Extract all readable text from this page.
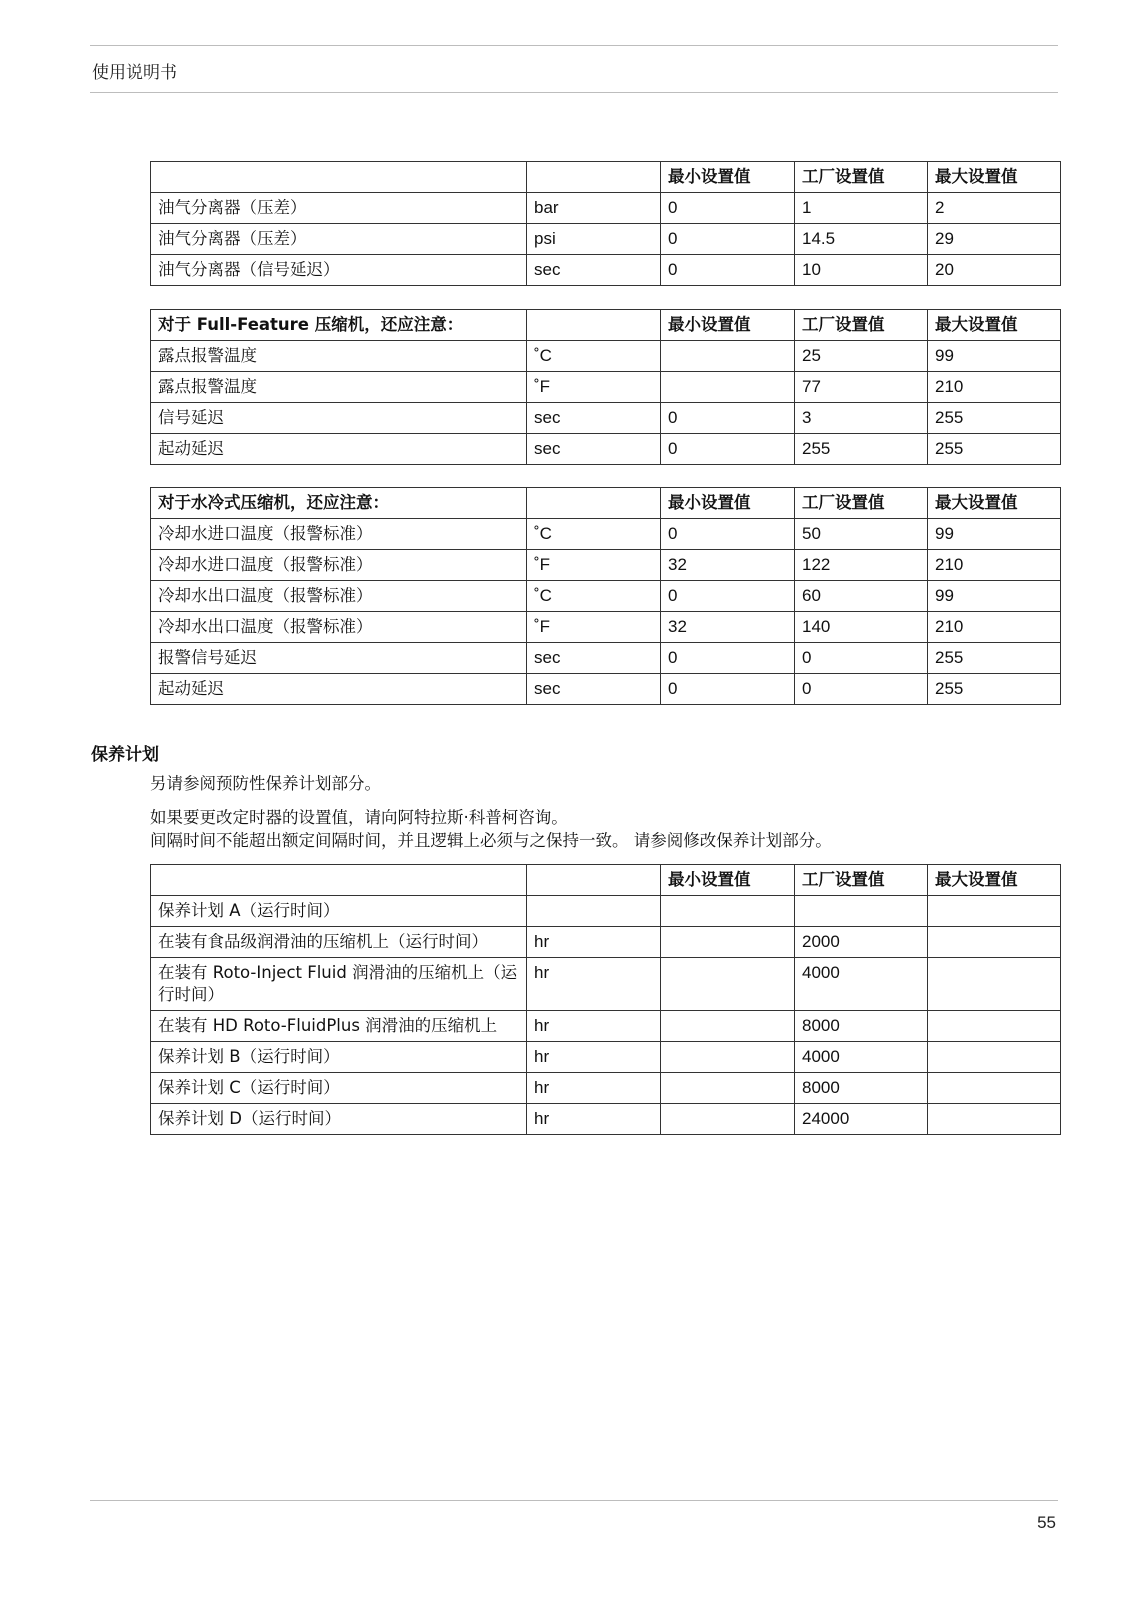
使用说明书
		最小设置值	工厂设置值	最大设置值
油气分离器（压差）	bar	0	1	2
油气分离器（压差）	psi	0	14.5	29
油气分离器（信号延迟）	sec	0	10	20
对于 Full-Feature 压缩机，还应注意：		最小设置值	工厂设置值	最大设置值
露点报警温度	˚C		25	99
露点报警温度	˚F		77	210
信号延迟	sec	0	3	255
起动延迟	sec	0	255	255
对于水冷式压缩机，还应注意：		最小设置值	工厂设置值	最大设置值
冷却水进口温度（报警标准）	˚C	0	50	99
冷却水进口温度（报警标准）	˚F	32	122	210
冷却水出口温度（报警标准）	˚C	0	60	99
冷却水出口温度（报警标准）	˚F	32	140	210
报警信号延迟	sec	0	0	255
起动延迟	sec	0	0	255
保养计划
另请参阅预防性保养计划部分。
如果要更改定时器的设置值，请向阿特拉斯·科普柯咨询。
间隔时间不能超出额定间隔时间，并且逻辑上必须与之保持一致。 请参阅修改保养计划部分。
		最小设置值	工厂设置值	最大设置值
保养计划 A（运行时间）				
在装有食品级润滑油的压缩机上（运行时间）	hr		2000	
在装有 Roto-Inject Fluid 润滑油的压缩机上（运行时间）	hr		4000	
在装有 HD Roto-FluidPlus 润滑油的压缩机上	hr		8000	
保养计划 B（运行时间）	hr		4000	
保养计划 C（运行时间）	hr		8000	
保养计划 D（运行时间）	hr		24000	
55
